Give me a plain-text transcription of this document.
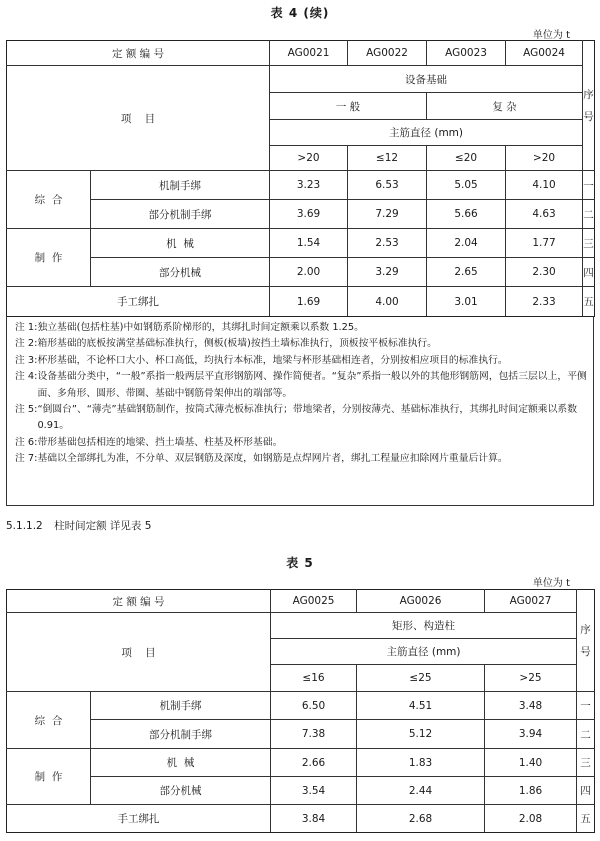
表 4 (续)
单位为 t
定 额 编 号		AG0021	AG0022	AG0023	AG0024	序
号

项    目		设备基础				
		一 般		复 杂		
		主筋直径 (mm)				
		>20	≤12	≤20	>20	
综  合	机制手绑	3.23	6.53	5.05	4.10	一
	部分机制手绑	3.69	7.29	5.66	4.63	二
制  作	机  械	1.54	2.53	2.04	1.77	三
	部分机械	2.00	3.29	2.65	2.30	四
手工绑扎		1.69	4.00	3.01	2.33	五
注 1: 独立基础(包括柱基)中如钢筋系阶梯形的，其绑扎时间定额乘以系数 1.25。
注 2: 箱形基础的底板按满堂基础标准执行，侧板(板墙)按挡土墙标准执行，顶板按平板标准执行。
注 3: 杯形基础，不论杯口大小、杯口高低，均执行本标准，地梁与杯形基础相连者，分别按相应项目的标准执行。
注 4: 设备基础分类中，“一般”系指一般两层平直形钢筋网、操作简便者。“复杂”系指一般以外的其他形钢筋网，包括三层以上，平侧面、多角形、圆形、带圈、基础中钢筋骨架伸出的端部等。
注 5: “倒圆台”、“薄壳”基础钢筋制作，按筒式薄壳板标准执行；带地梁者，分别按薄壳、基础标准执行，其绑扎时间定额乘以系数 0.91。
注 6: 带形基础包括相连的地梁、挡土墙基、柱基及杯形基础。
注 7: 基础以全部绑扎为准，不分单、双层钢筋及深度，如钢筋是点焊网片者，绑扎工程量应扣除网片重量后计算。
5.1.1.2 柱时间定额 详见表 5
表 5
单位为 t
定 额 编 号		AG0025	AG0026	AG0027	序
号

项    目		矩形、构造柱			
		主筋直径 (mm)			
		≤16	≤25	>25	
综  合	机制手绑	6.50	4.51	3.48	一
	部分机制手绑	7.38	5.12	3.94	二
制  作	机  械	2.66	1.83	1.40	三
	部分机械	3.54	2.44	1.86	四
手工绑扎		3.84	2.68	2.08	五
